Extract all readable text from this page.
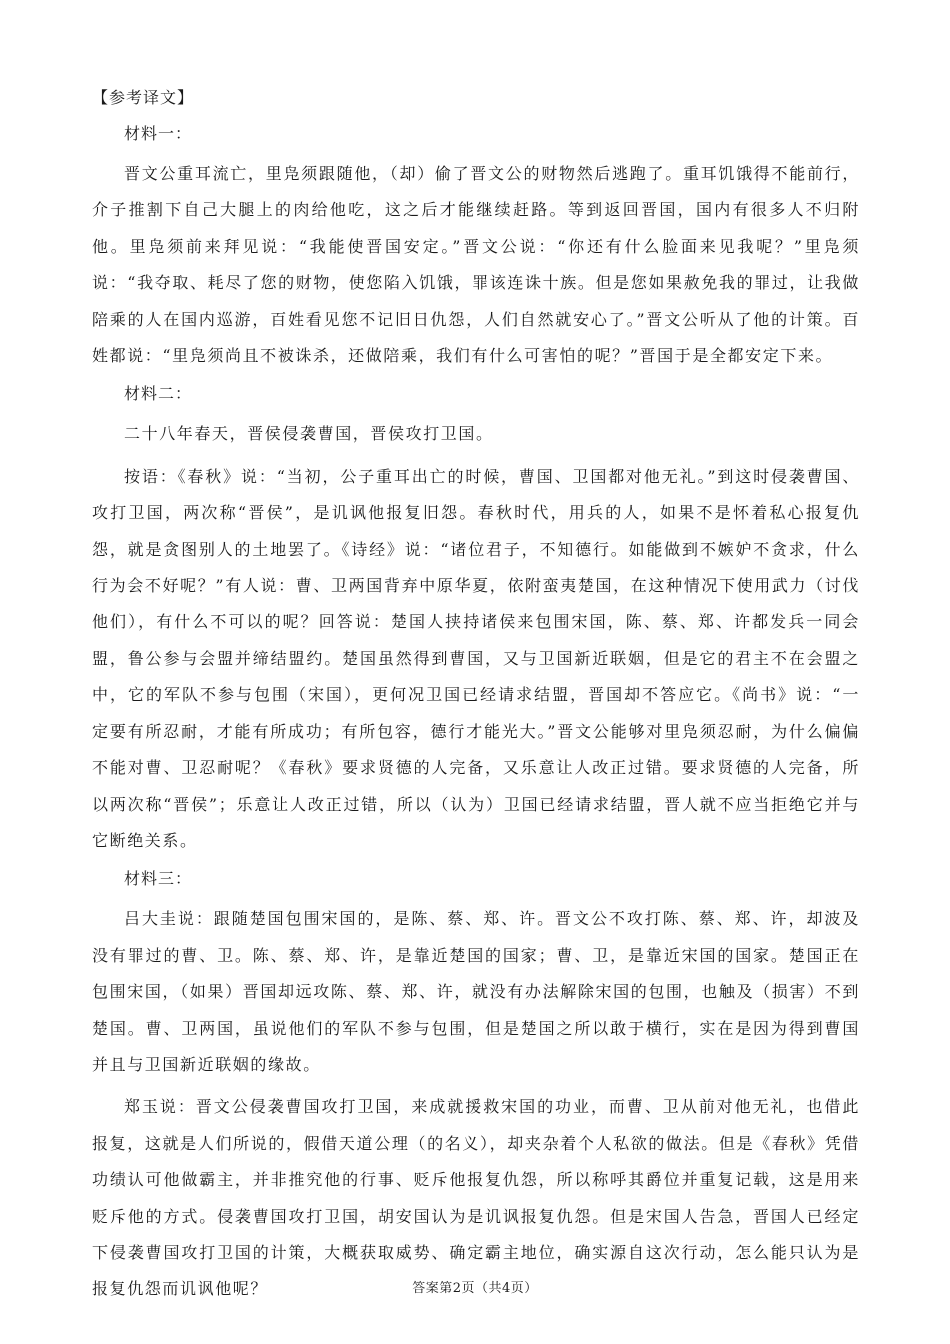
【参考译文】
材料一：

晋文公重耳流亡，里凫须跟随他，（却）偷了晋文公的财物然后逃跑了。重耳饥饿得不能前行，介子推割下自己大腿上的肉给他吃，这之后才能继续赶路。等到返回晋国，国内有很多人不归附他。里凫须前来拜见说：“我能使晋国安定。”晋文公说：“你还有什么脸面来见我呢？”里凫须说：“我夺取、耗尽了您的财物，使您陷入饥饿，罪该连诛十族。但是您如果赦免我的罪过，让我做陪乘的人在国内巡游，百姓看见您不记旧日仇怨，人们自然就安心了。”晋文公听从了他的计策。百姓都说：“里凫须尚且不被诛杀，还做陪乘，我们有什么可害怕的呢？”晋国于是全都安定下来。

材料二：

二十八年春天，晋侯侵袭曹国，晋侯攻打卫国。

按语：《春秋》说：“当初，公子重耳出亡的时候，曹国、卫国都对他无礼。”到这时侵袭曹国、攻打卫国，两次称“晋侯”，是讥讽他报复旧怨。春秋时代，用兵的人，如果不是怀着私心报复仇怨，就是贪图别人的土地罢了。《诗经》说：“诸位君子，不知德行。如能做到不嫉妒不贪求，什么行为会不好呢？”有人说：曹、卫两国背弃中原华夏，依附蛮夷楚国，在这种情况下使用武力（讨伐他们），有什么不可以的呢？回答说：楚国人挟持诸侯来包围宋国，陈、蔡、郑、许都发兵一同会盟，鲁公参与会盟并缔结盟约。楚国虽然得到曹国，又与卫国新近联姻，但是它的君主不在会盟之中，它的军队不参与包围（宋国），更何况卫国已经请求结盟，晋国却不答应它。《尚书》说：“一定要有所忍耐，才能有所成功；有所包容，德行才能光大。”晋文公能够对里凫须忍耐，为什么偏偏不能对曹、卫忍耐呢？《春秋》要求贤德的人完备，又乐意让人改正过错。要求贤德的人完备，所以两次称“晋侯”；乐意让人改正过错，所以（认为）卫国已经请求结盟，晋人就不应当拒绝它并与它断绝关系。

材料三：

吕大圭说：跟随楚国包围宋国的，是陈、蔡、郑、许。晋文公不攻打陈、蔡、郑、许，却波及没有罪过的曹、卫。陈、蔡、郑、许，是靠近楚国的国家；曹、卫，是靠近宋国的国家。楚国正在包围宋国，（如果）晋国却远攻陈、蔡、郑、许，就没有办法解除宋国的包围，也触及（损害）不到楚国。曹、卫两国，虽说他们的军队不参与包围，但是楚国之所以敢于横行，实在是因为得到曹国并且与卫国新近联姻的缘故。

郑玉说：晋文公侵袭曹国攻打卫国，来成就援救宋国的功业，而曹、卫从前对他无礼，也借此报复，这就是人们所说的，假借天道公理（的名义），却夹杂着个人私欲的做法。但是《春秋》凭借功绩认可他做霸主，并非推究他的行事、贬斥他报复仇怨，所以称呼其爵位并重复记载，这是用来贬斥他的方式。侵袭曹国攻打卫国，胡安国认为是讥讽报复仇怨。但是宋国人告急，晋国人已经定下侵袭曹国攻打卫国的计策，大概获取威势、确定霸主地位，确实源自这次行动，怎么能只认为是报复仇怨而讥讽他呢？	答案第2页（共4页）
